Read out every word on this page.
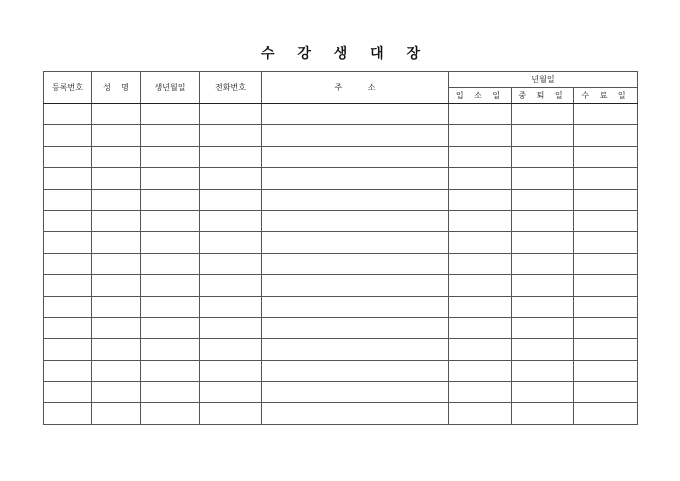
수 강 생 대 장
등록번호	성    명	생년월일	전화번호	주          소	년월일		
					입 소 일	중 퇴 일	수 료 일
